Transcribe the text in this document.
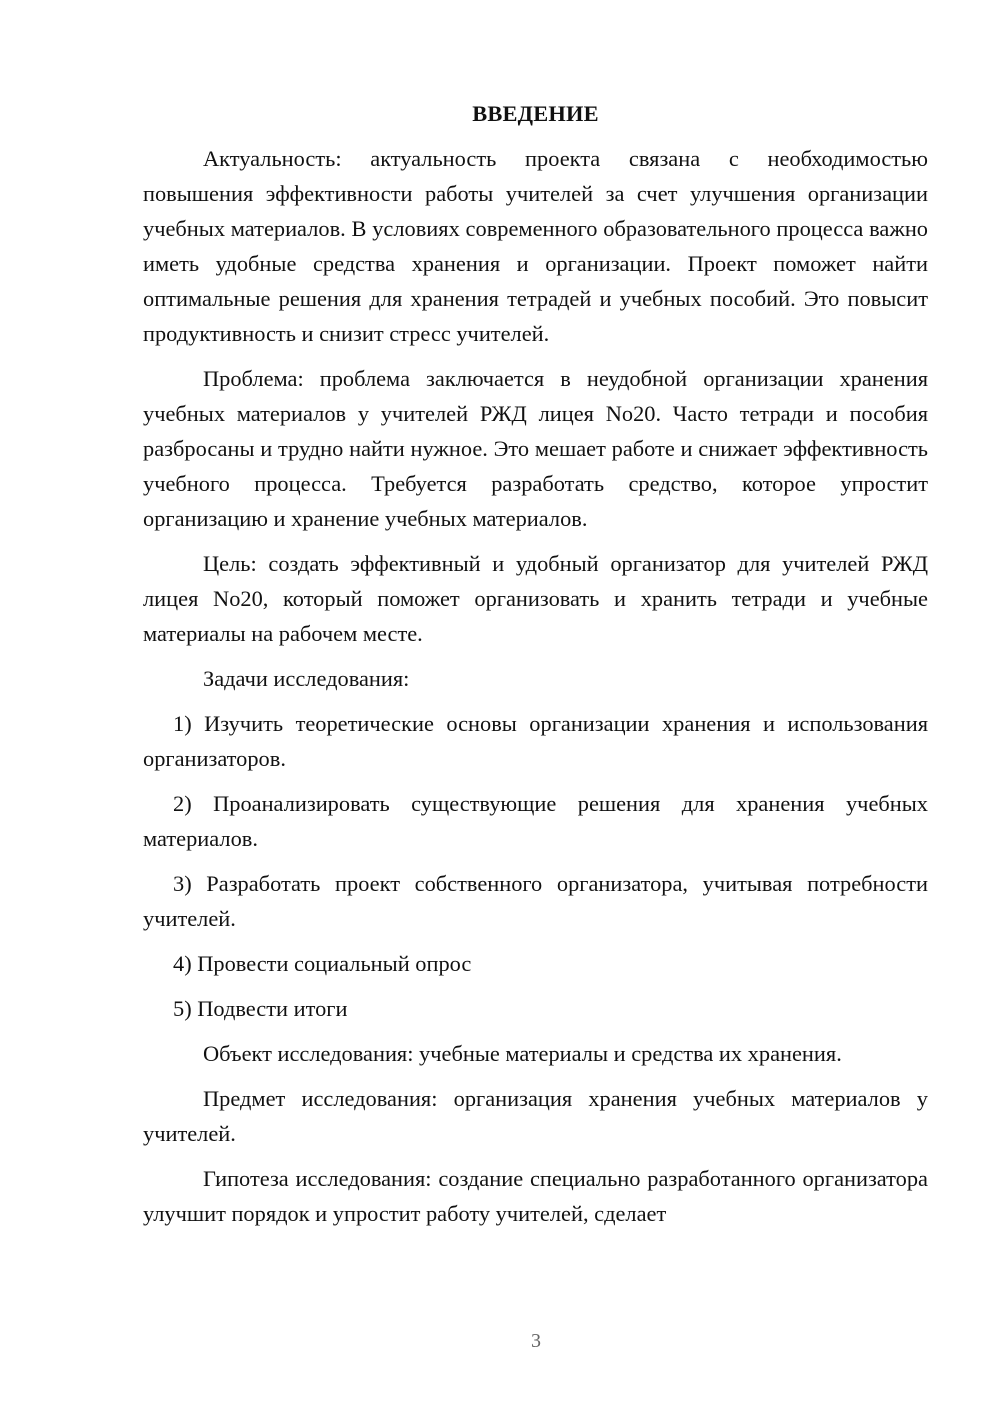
ВВЕДЕНИЕ

Актуальность: актуальность проекта связана с необходимостью повышения эффективности работы учителей за счет улучшения организации учебных материалов. В условиях современного образовательного процесса важно иметь удобные средства хранения и организации. Проект поможет найти оптимальные решения для хранения тетрадей и учебных пособий. Это повысит продуктивность и снизит стресс учителей.

Проблема: проблема заключается в неудобной организации хранения учебных материалов у учителей РЖД лицея No20. Часто тетради и пособия разбросаны и трудно найти нужное. Это мешает работе и снижает эффективность учебного процесса. Требуется разработать средство, которое упростит организацию и хранение учебных материалов.

Цель: создать эффективный и удобный организатор для учителей РЖД лицея No20, который поможет организовать и хранить тетради и учебные материалы на рабочем месте.

Задачи исследования:

1) Изучить теоретические основы организации хранения и использования организаторов.

2) Проанализировать существующие решения для хранения учебных материалов.

3) Разработать проект собственного организатора, учитывая потребности учителей.

4) Провести социальный опрос

5) Подвести итоги

Объект исследования: учебные материалы и средства их хранения.

Предмет исследования: организация хранения учебных материалов у учителей.

Гипотеза исследования: создание специально разработанного организатора улучшит порядок и упростит работу учителей, сделает

3
